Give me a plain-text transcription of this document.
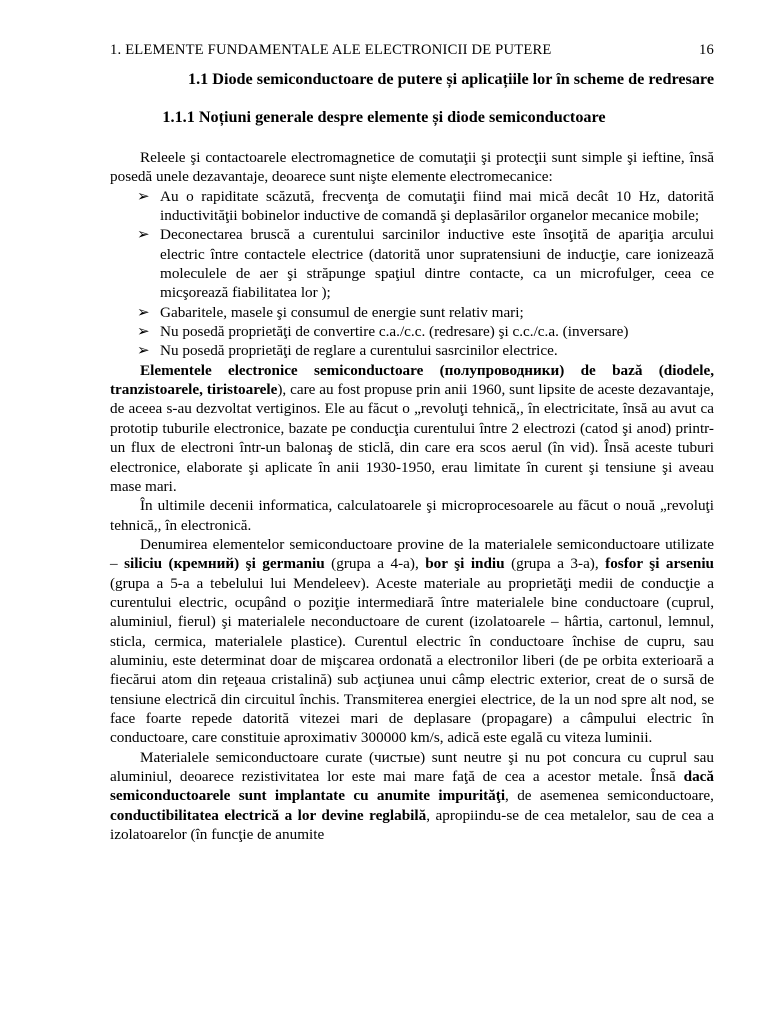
1. ELEMENTE FUNDAMENTALE ALE ELECTRONICII DE PUTERE	16
1.1 Diode semiconductoare de putere și aplicațiile lor în scheme de redresare
1.1.1 Noțiuni generale despre elemente și diode semiconductoare

Releele şi contactoarele electromagnetice de comutaţii şi protecţii sunt simple şi ieftine, însă posedă unele dezavantaje, deoarece sunt nişte elemente electromecanice:

➢ Au o rapiditate scăzută, frecvenţa de comutaţii fiind mai mică decât 10 Hz, datorită inductivităţii bobinelor inductive de comandă şi deplasărilor organelor mecanice mobile;
➢ Deconectarea bruscă a curentului sarcinilor inductive este însoţită de apariţia arcului electric între contactele electrice (datorită unor supratensiuni de inducţie, care ionizează moleculele de aer şi străpunge spaţiul dintre contacte, ca un microfulger, ceea ce micşorează fiabilitatea lor );
➢ Gabaritele, masele şi consumul de energie sunt relativ mari;
➢ Nu posedă proprietăţi de convertire c.a./c.c. (redresare) şi c.c./c.a. (inversare)
➢ Nu posedă proprietăţi de reglare a curentului sasrcinilor electrice.

Elementele electronice semiconductoare (полупроводники) de bază (diodele, tranzistoarele, tiristoarele), care au fost propuse prin anii 1960, sunt lipsite de aceste dezavantaje, de aceea s-au dezvoltat vertiginos. Ele au făcut o „revoluţi tehnică,, în electricitate, însă au avut ca prototip tuburile electronice, bazate pe conducţia curentului între 2 electrozi (catod şi anod) printr-un flux de electroni într-un balonaş de sticlă, din care era scos aerul (în vid). Însă aceste tuburi electronice, elaborate şi aplicate în anii 1930-1950, erau limitate în curent şi tensiune şi aveau mase mari.

În ultimile decenii informatica, calculatoarele şi microprocesoarele au făcut o nouă „revoluţi tehnică,, în electronică.

Denumirea elementelor semiconductoare provine de la materialele semiconductoare utilizate – siliciu (кремний) şi germaniu (grupa a 4-a), bor şi indiu (grupa a 3-a), fosfor şi arseniu (grupa a 5-a a tebelului lui Mendeleev). Aceste materiale au proprietăţi medii de conducţie a curentului electric, ocupând o poziţie intermediară între materialele bine conductoare (cuprul, aluminiul, fierul) şi materialele neconductoare de curent (izolatoarele – hârtia, cartonul, lemnul, sticla, cermica, materialele plastice). Curentul electric în conductoare închise de cupru, sau aluminiu, este determinat doar de mişcarea ordonată a electronilor liberi (de pe orbita exterioară a fiecărui atom din reţeaua cristalină) sub acţiunea unui câmp electric exterior, creat de o sursă de tensiune electrică din circuitul închis. Transmiterea energiei electrice, de la un nod spre alt nod, se face foarte repede datorită vitezei mari de deplasare (propagare) a câmpului electric în conductoare, care constituie aproximativ 300000 km/s, adică este egală cu viteza luminii.

Materialele semiconductoare curate (чистые) sunt neutre şi nu pot concura cu cuprul sau aluminiul, deoarece rezistivitatea lor este mai mare faţă de cea a acestor metale. Însă dacă semiconductoarele sunt implantate cu anumite impurităţi, de asemenea semiconductoare, conductibilitatea electrică a lor devine reglabilă, apropiindu-se de cea metalelor, sau de cea a izolatoarelor (în funcţie de anumite
